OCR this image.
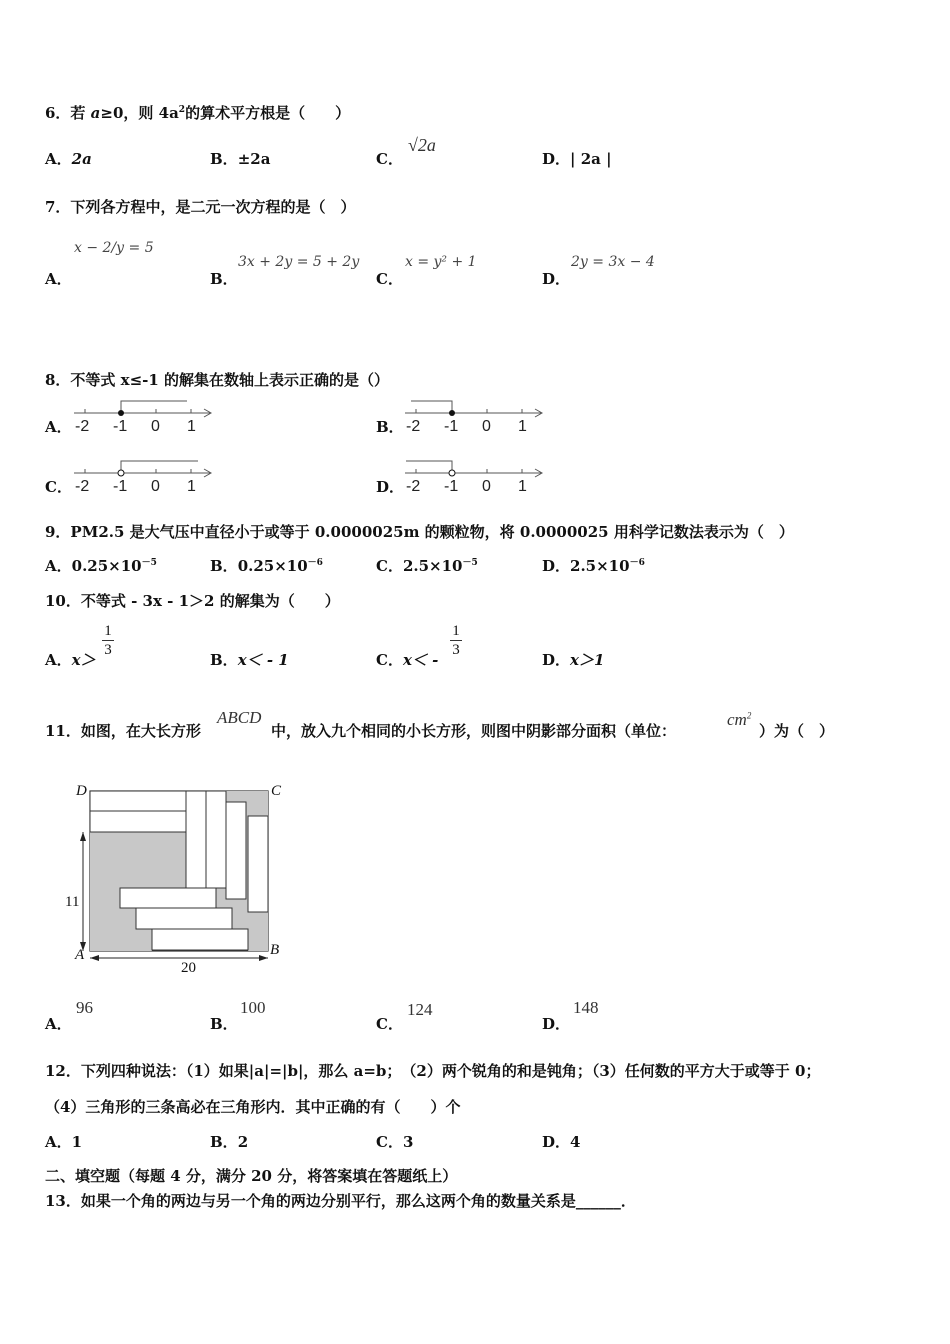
6．若 a≥0，则 $4a^2$的算术平方根是（　　）
A．2a	B．±2a	C．
√2a
D．| 2a |
7．下列各方程中，是二元一次方程的是（　）
A．
x − 2/y = 5
B．
3x + 2y = 5 + 2y
C．
x = y² + 1
D．
2y = 3x − 4
8．不等式 x≤-1 的解集在数轴上表示正确的是（）
A．	B．
C．	D．
-2 -1 0 1	-2 -1 0 1
-2 -1 0 1	-2 -1 0 1
9．PM2.5 是大气压中直径小于或等于 0.0000025m 的颗粒物，将 0.0000025 用科学记数法表示为（　）
A．$0.25\times 10^{-5}$	B．$0.25\times 10^{-6}$	C．$2.5\times 10^{-5}$	D．$2.5\times 10^{-6}$
10．不等式 - 3x - 1＞2 的解集为（　　）
A．x＞
$\frac{1}{3}$
B．x＜ - 1	C．x＜ -
$\frac{1}{3}$
D．x＞1
11．如图，在大长方形
ABCD
中，放入九个相同的小长方形，则图中阴影部分面积（单位：
$cm^2$
）为（　）
D	C
A	B
11
20
A．
96
B．
100
C．
124
D．
148
12．下列四种说法：（1）如果|a|=|b|，那么 a=b；　（2）两个锐角的和是钝角；（3）任何数的平方大于或等于 0；
（4）三角形的三条高必在三角形内．其中正确的有（　　）个
A．1	B．2	C．3	D．4
二、填空题（每题 4 分，满分 20 分，将答案填在答题纸上）
13．如果一个角的两边与另一个角的两边分别平行，那么这两个角的数量关系是______．
